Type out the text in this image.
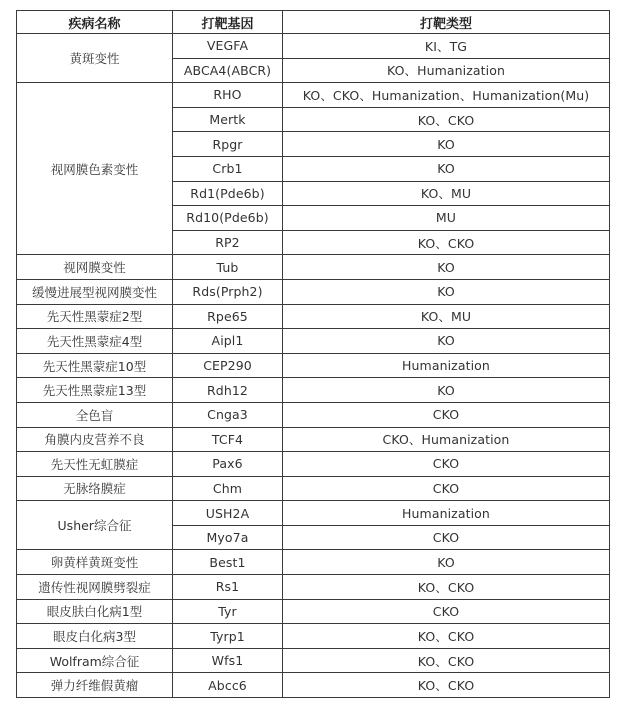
疾病名称	打靶基因	打靶类型
黄斑变性	VEGFA	KI、TG
	ABCA4(ABCR)	KO、Humanization
视网膜色素变性	RHO	KO、CKO、Humanization、Humanization(Mu)
	Mertk	KO、CKO
	Rpgr	KO
	Crb1	KO
	Rd1(Pde6b)	KO、MU
	Rd10(Pde6b)	MU
	RP2	KO、CKO
视网膜变性	Tub	KO
缓慢进展型视网膜变性	Rds(Prph2)	KO
先天性黑蒙症2型	Rpe65	KO、MU
先天性黑蒙症4型	Aipl1	KO
先天性黑蒙症10型	CEP290	Humanization
先天性黑蒙症13型	Rdh12	KO
全色盲	Cnga3	CKO
角膜内皮营养不良	TCF4	CKO、Humanization
先天性无虹膜症	Pax6	CKO
无脉络膜症	Chm	CKO
Usher综合征	USH2A	Humanization
	Myo7a	CKO
卵黄样黄斑变性	Best1	KO
遗传性视网膜劈裂症	Rs1	KO、CKO
眼皮肤白化病1型	Tyr	CKO
眼皮白化病3型	Tyrp1	KO、CKO
Wolfram综合征	Wfs1	KO、CKO
弹力纤维假黄瘤	Abcc6	KO、CKO
